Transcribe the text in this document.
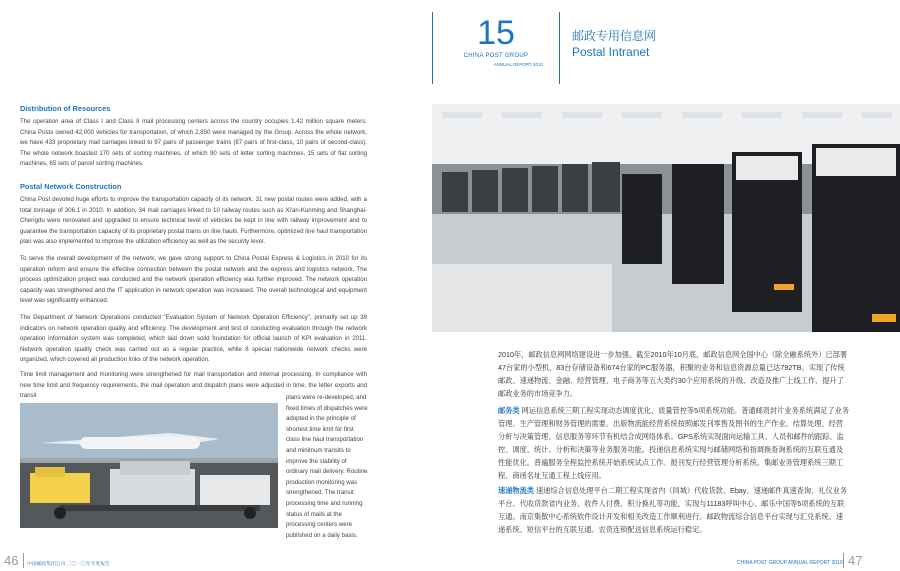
15
CHINA POST GROUP
ANNUAL REPORT 2010
邮政专用信息网
Postal Intranet
Distribution of Resources
The operation area of Class I and Class II mail processing centers across the country occupies 1.42 million square meters. China Posts owned 42,000 vehicles for transportation, of which 2,850 were managed by the Group. Across the whole network, we have 433 proprietary mail carriages linked to 97 pairs of passenger trains (87 pairs of first-class, 10 pairs of second-class). The whole network boasted 170 sets of sorting machines, of which 90 sets of letter sorting machines, 15 sets of flat sorting machines, 65 sets of parcel sorting machines.
Postal Network Construction
China Post devoted huge efforts to improve the transportation capacity of its network. 31 new postal routes were added, with a total tonnage of 306.1 in 2010. In addition, 34 mail carriages linked to 10 railway routes such as Xi'an-Kunming and Shanghai-Chengdu were renovated and upgraded to ensure technical level of vehicles be kept in line with railway improvement and to guarantee the transportation capacity of its proprietary postal trains on line hauls. Furthermore, optimized line haul transportation plan was also implemented to improve the utilization efficiency as well as the security level.
To serve the overall development of the network, we gave strong support to China Postal Express & Logistics in 2010 for its operation reform and ensure the effective connection between the postal network and the express and logistics network. The process optimization project was conducted and the network operation efficiency was further improved. The network operation capacity was strengthened and the IT application in network operation was increased. The overall technological and equipment level was significantly enhanced.
The Department of Network Operations conducted "Evaluation System of Network Operation Efficiency", primarily set up 39 indicators on network operation quality and efficiency. The development and test of conducting evaluation through the network operation information system was completed, which laid down solid foundation for official launch of KPI evaluation in 2011. Network operation quality check was carried out as a regular practice, while 8 special nationwide network checks were organized, which covered all production links of the network operation.
Time limit management and monitoring were strengthened for mail transportation and internal processing. In compliance with new time limit and frequency requirements, the mail operation and dispatch plans were adjusted in time, the letter exports and transit	plans were re-developed, and fixed times of dispatches were adopted in the principle of shortest time limit for first class line haul transportation and minimum transits to improve the stability of ordinary mail delivery. Routine production monitoring was strengthened. The transit processing time and running status of mails at the processing centers were published on a daily basis.
2010年，邮政信息网网络建设进一步加强。截至2010年10月底，邮政信息网全国中心（除全融系统外）已部署47台家的小型机、83台存储设备和674台家的PC服务器，积聚的业务和信息资源总量已达792TB。实现了传统邮政、速递物流、金融、经营管理、电子商务等五大类约30个应用系统的升级、改造及推广上线工作，提升了邮政业务的市场竞争力。
邮务类 网运信息系统三期工程实现动态调度优化、质量管控等5项系统功能。普通邮资封片业务系统满足了业务管理、生产管理和财务管理的需要。出版物流能经营系统按照邮发刊零售及图书的生产作业、结算处理、经营分析与决策管理、信息服务等环节有机结合成网络体系。GPS系统实现面向运输工具、人员和邮件的跟踪、监控、调度、统计、分析和决策等业务服务功能。投递信息系统实现与邮储网络和指调换查询系统的互联互通及性能优化。普遍服务全程监控系统开始系统试点工作。报刊发行经营管理分析系统、集邮业务管理系统三期工程、商函名址互通工程上线应用。
速递物流类 速递综合信息处理平台二期工程实现省内（同城）代收货款、Ebay、速递邮件真速查询、礼仪业务平台、代收货款省内业务、收件人付费、积分换礼等功能，实现与11183呼叫中心、邮乐中国等5项系统的互联互通。南京集散中心系统软件设计开发和相关改造工作顺利进行。邮政物流综合信息平台实现与汇兑系统、速递系统、短信平台的互联互通。农资连锁配送信息系统运行稳定。
46 中国邮政集团公司 二〇一〇年年度报告	CHINA POST GROUP ANNUAL REPORT 2010 47
